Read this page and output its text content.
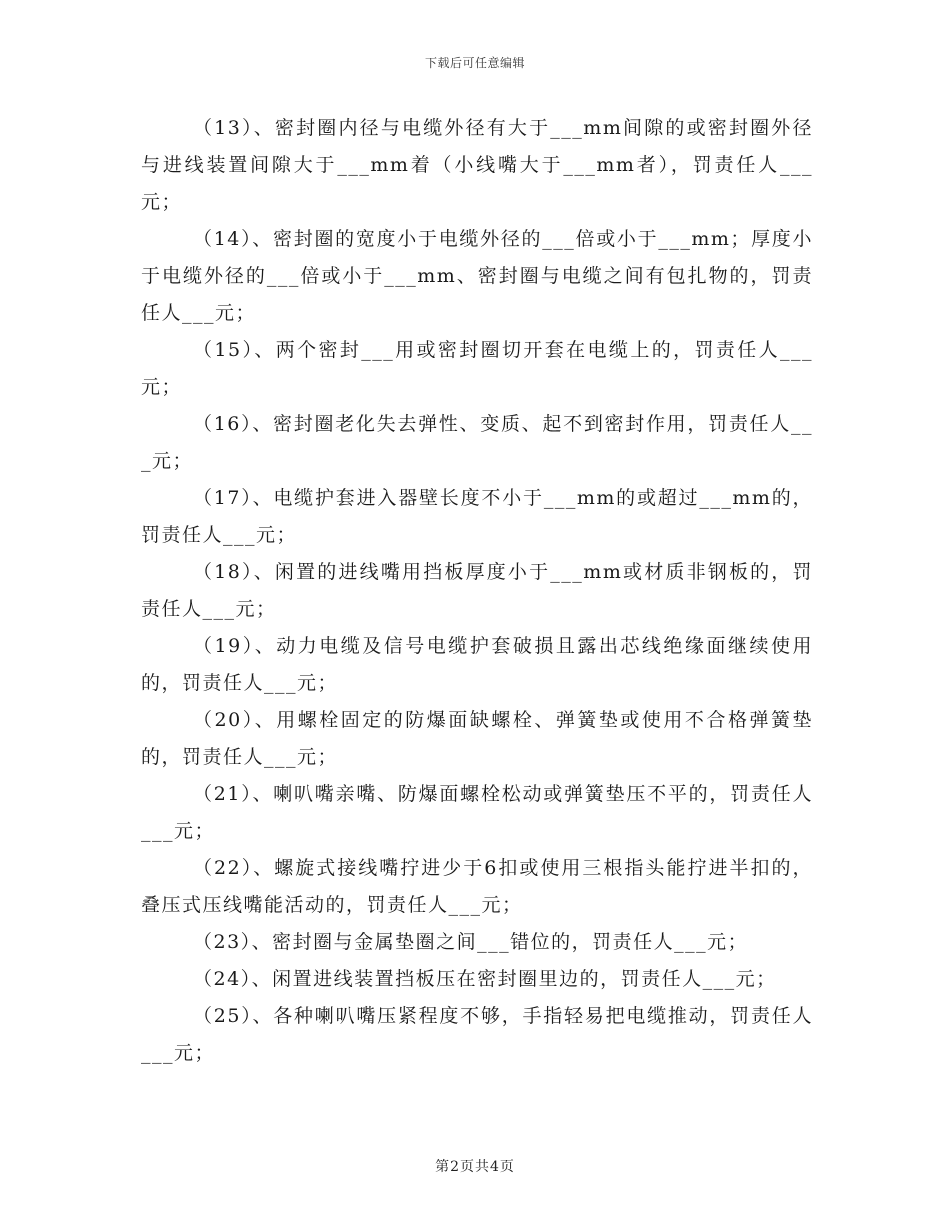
下载后可任意编辑

（13）、密封圈内径与电缆外径有大于___mm间隙的或密封圈外径与进线装置间隙大于___mm着（小线嘴大于___mm者），罚责任人___元；

（14）、密封圈的宽度小于电缆外径的___倍或小于___mm；厚度小于电缆外径的___倍或小于___mm、密封圈与电缆之间有包扎物的，罚责任人___元；

（15）、两个密封___用或密封圈切开套在电缆上的，罚责任人___元；

（16）、密封圈老化失去弹性、变质、起不到密封作用，罚责任人___元；

（17）、电缆护套进入器壁长度不小于___mm的或超过___mm的，罚责任人___元；

（18）、闲置的进线嘴用挡板厚度小于___mm或材质非钢板的，罚责任人___元；

（19）、动力电缆及信号电缆护套破损且露出芯线绝缘面继续使用的，罚责任人___元；

（20）、用螺栓固定的防爆面缺螺栓、弹簧垫或使用不合格弹簧垫的，罚责任人___元；

（21）、喇叭嘴亲嘴、防爆面螺栓松动或弹簧垫压不平的，罚责任人___元；

（22）、螺旋式接线嘴拧进少于6扣或使用三根指头能拧进半扣的，叠压式压线嘴能活动的，罚责任人___元；

（23）、密封圈与金属垫圈之间___错位的，罚责任人___元；

（24）、闲置进线装置挡板压在密封圈里边的，罚责任人___元；

（25）、各种喇叭嘴压紧程度不够，手指轻易把电缆推动，罚责任人___元；

第2页共4页
